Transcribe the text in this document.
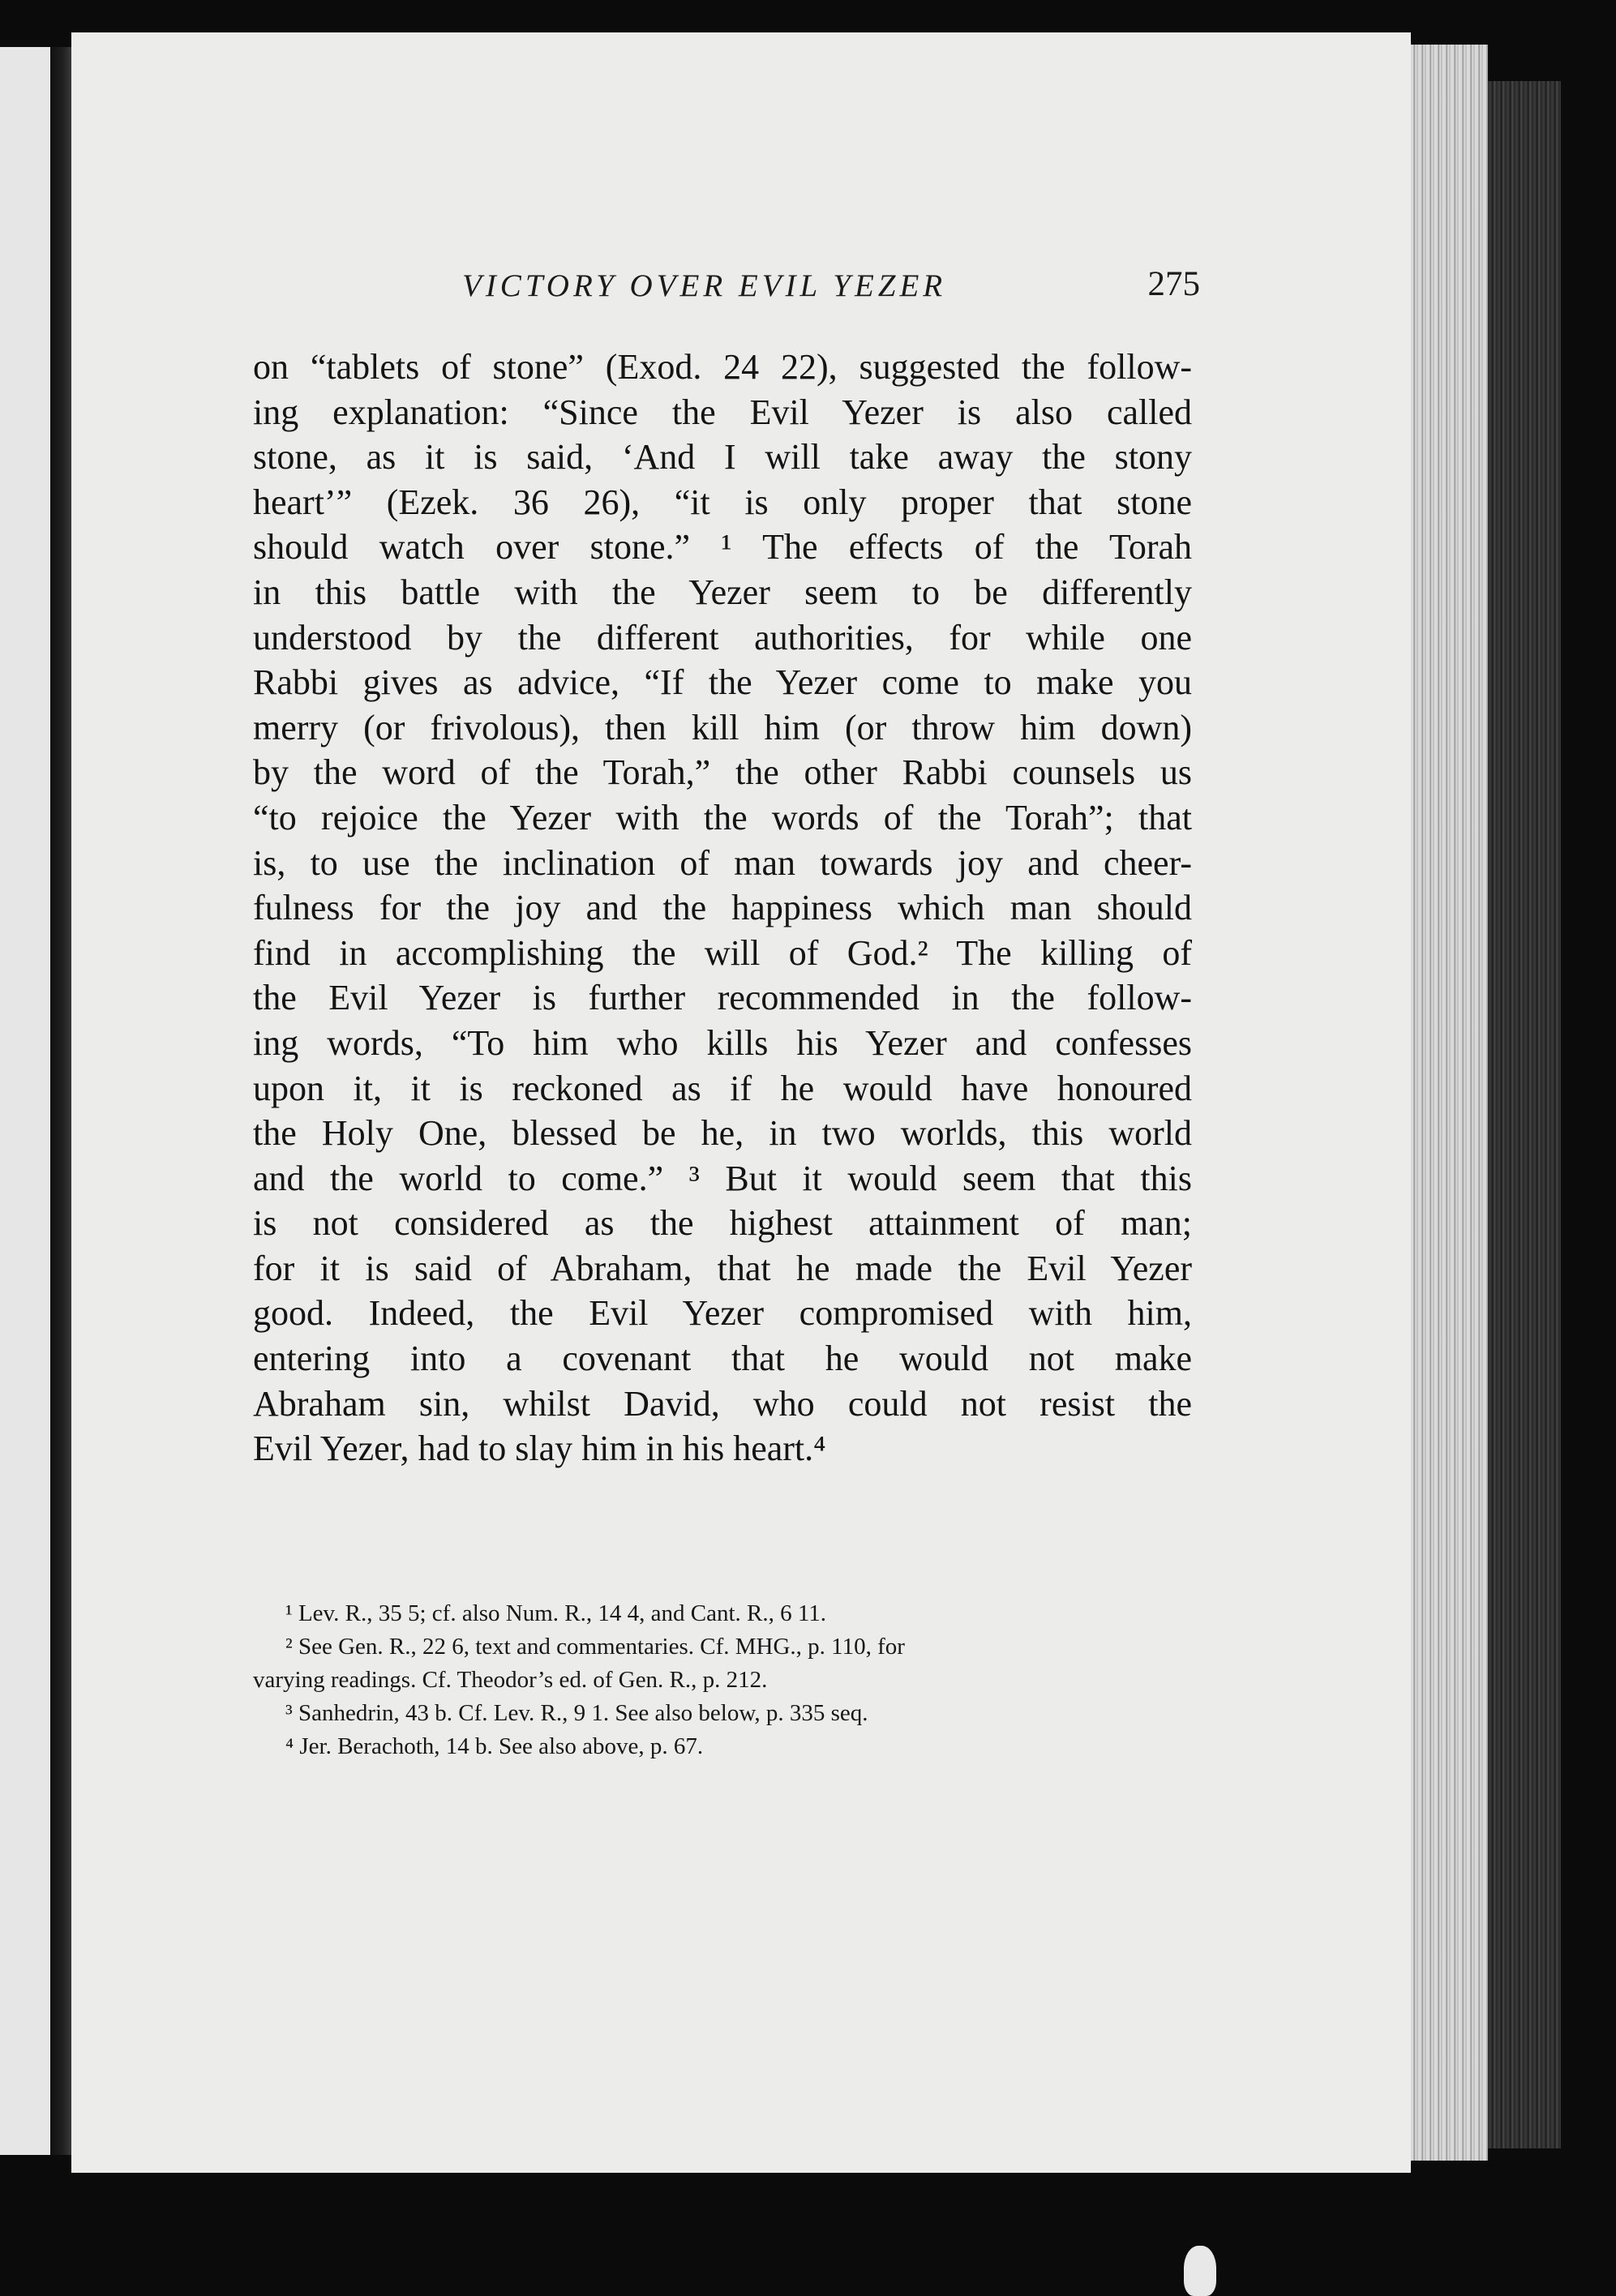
VICTORY OVER EVIL YEZER	275
on “tablets of stone” (Exod. 24 22), suggested the follow-
ing explanation: “Since the Evil Yezer is also called
stone, as it is said, ‘And I will take away the stony
heart’” (Ezek. 36 26), “it is only proper that stone
should watch over stone.” ¹ The effects of the Torah
in this battle with the Yezer seem to be differently
understood by the different authorities, for while one
Rabbi gives as advice, “If the Yezer come to make you
merry (or frivolous), then kill him (or throw him down)
by the word of the Torah,” the other Rabbi counsels us
“to rejoice the Yezer with the words of the Torah”; that
is, to use the inclination of man towards joy and cheer-
fulness for the joy and the happiness which man should
find in accomplishing the will of God.² The killing of
the Evil Yezer is further recommended in the follow-
ing words, “To him who kills his Yezer and confesses
upon it, it is reckoned as if he would have honoured
the Holy One, blessed be he, in two worlds, this world
and the world to come.” ³ But it would seem that this
is not considered as the highest attainment of man;
for it is said of Abraham, that he made the Evil Yezer
good. Indeed, the Evil Yezer compromised with him,
entering into a covenant that he would not make
Abraham sin, whilst David, who could not resist the
Evil Yezer, had to slay him in his heart.⁴
¹ Lev. R., 35 5; cf. also Num. R., 14 4, and Cant. R., 6 11.
² See Gen. R., 22 6, text and commentaries. Cf. MHG., p. 110, for
varying readings. Cf. Theodor’s ed. of Gen. R., p. 212.
³ Sanhedrin, 43 b. Cf. Lev. R., 9 1. See also below, p. 335 seq.
⁴ Jer. Berachoth, 14 b. See also above, p. 67.
